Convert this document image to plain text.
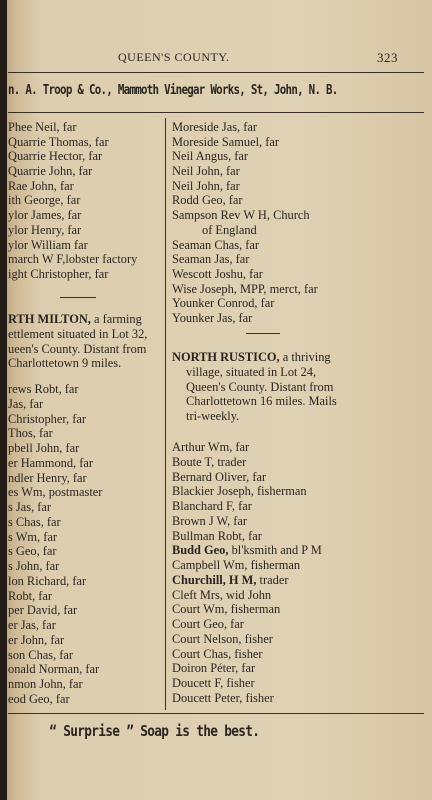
QUEEN'S COUNTY.	323
n. A. Troop & Co., Mammoth Vinegar Works, St, John, N. B.
Phee Neil, far
Quarrie Thomas, far
Quarrie Hector, far
Quarrie John, far
Rae John, far
ith George, far
ylor James, far
ylor Henry, far
ylor William far
march W F,lobster factory
ight Christopher, far
RTH MILTON, a farming
ettlement situated in Lot 32,
ueen's County. Distant from
Charlottetown 9 miles.
rews Robt, far
Jas, far
Christopher, far
Thos, far
pbell John, far
er Hammond, far
ndler Henry, far
es Wm, postmaster
s Jas, far
s Chas, far
s Wm, far
s Geo, far
s John, far
lon Richard, far
Robt, far
per David, far
er Jas, far
er John, far
son Chas, far
onald Norman, far
nmon John, far
eod Geo, far
Moreside Jas, far
Moreside Samuel, far
Neil Angus, far
Neil John, far
Neil John, far
Rodd Geo, far
Sampson Rev W H, Church
of England
Seaman Chas, far
Seaman Jas, far
Wescott Joshu, far
Wise Joseph, MPP, merct, far
Younker Conrod, far
Younker Jas, far
NORTH RUSTICO, a thriving
village, situated in Lot 24,
Queen's County. Distant from
Charlottetown 16 miles. Mails
tri-weekly.
Arthur Wm, far
Boute T, trader
Bernard Oliver, far
Blackier Joseph, fisherman
Blanchard F, far
Brown J W, far
Bullman Robt, far
Budd Geo, bl'ksmith and P M
Campbell Wm, fisherman
Churchill, H M, trader
Cleft Mrs, wid John
Court Wm, fisherman
Court Geo, far
Court Nelson, fisher
Court Chas, fisher
Doiron Péter, far
Doucett F, fisher
Doucett Peter, fisher
“ Surprise ” Soap is the best.
